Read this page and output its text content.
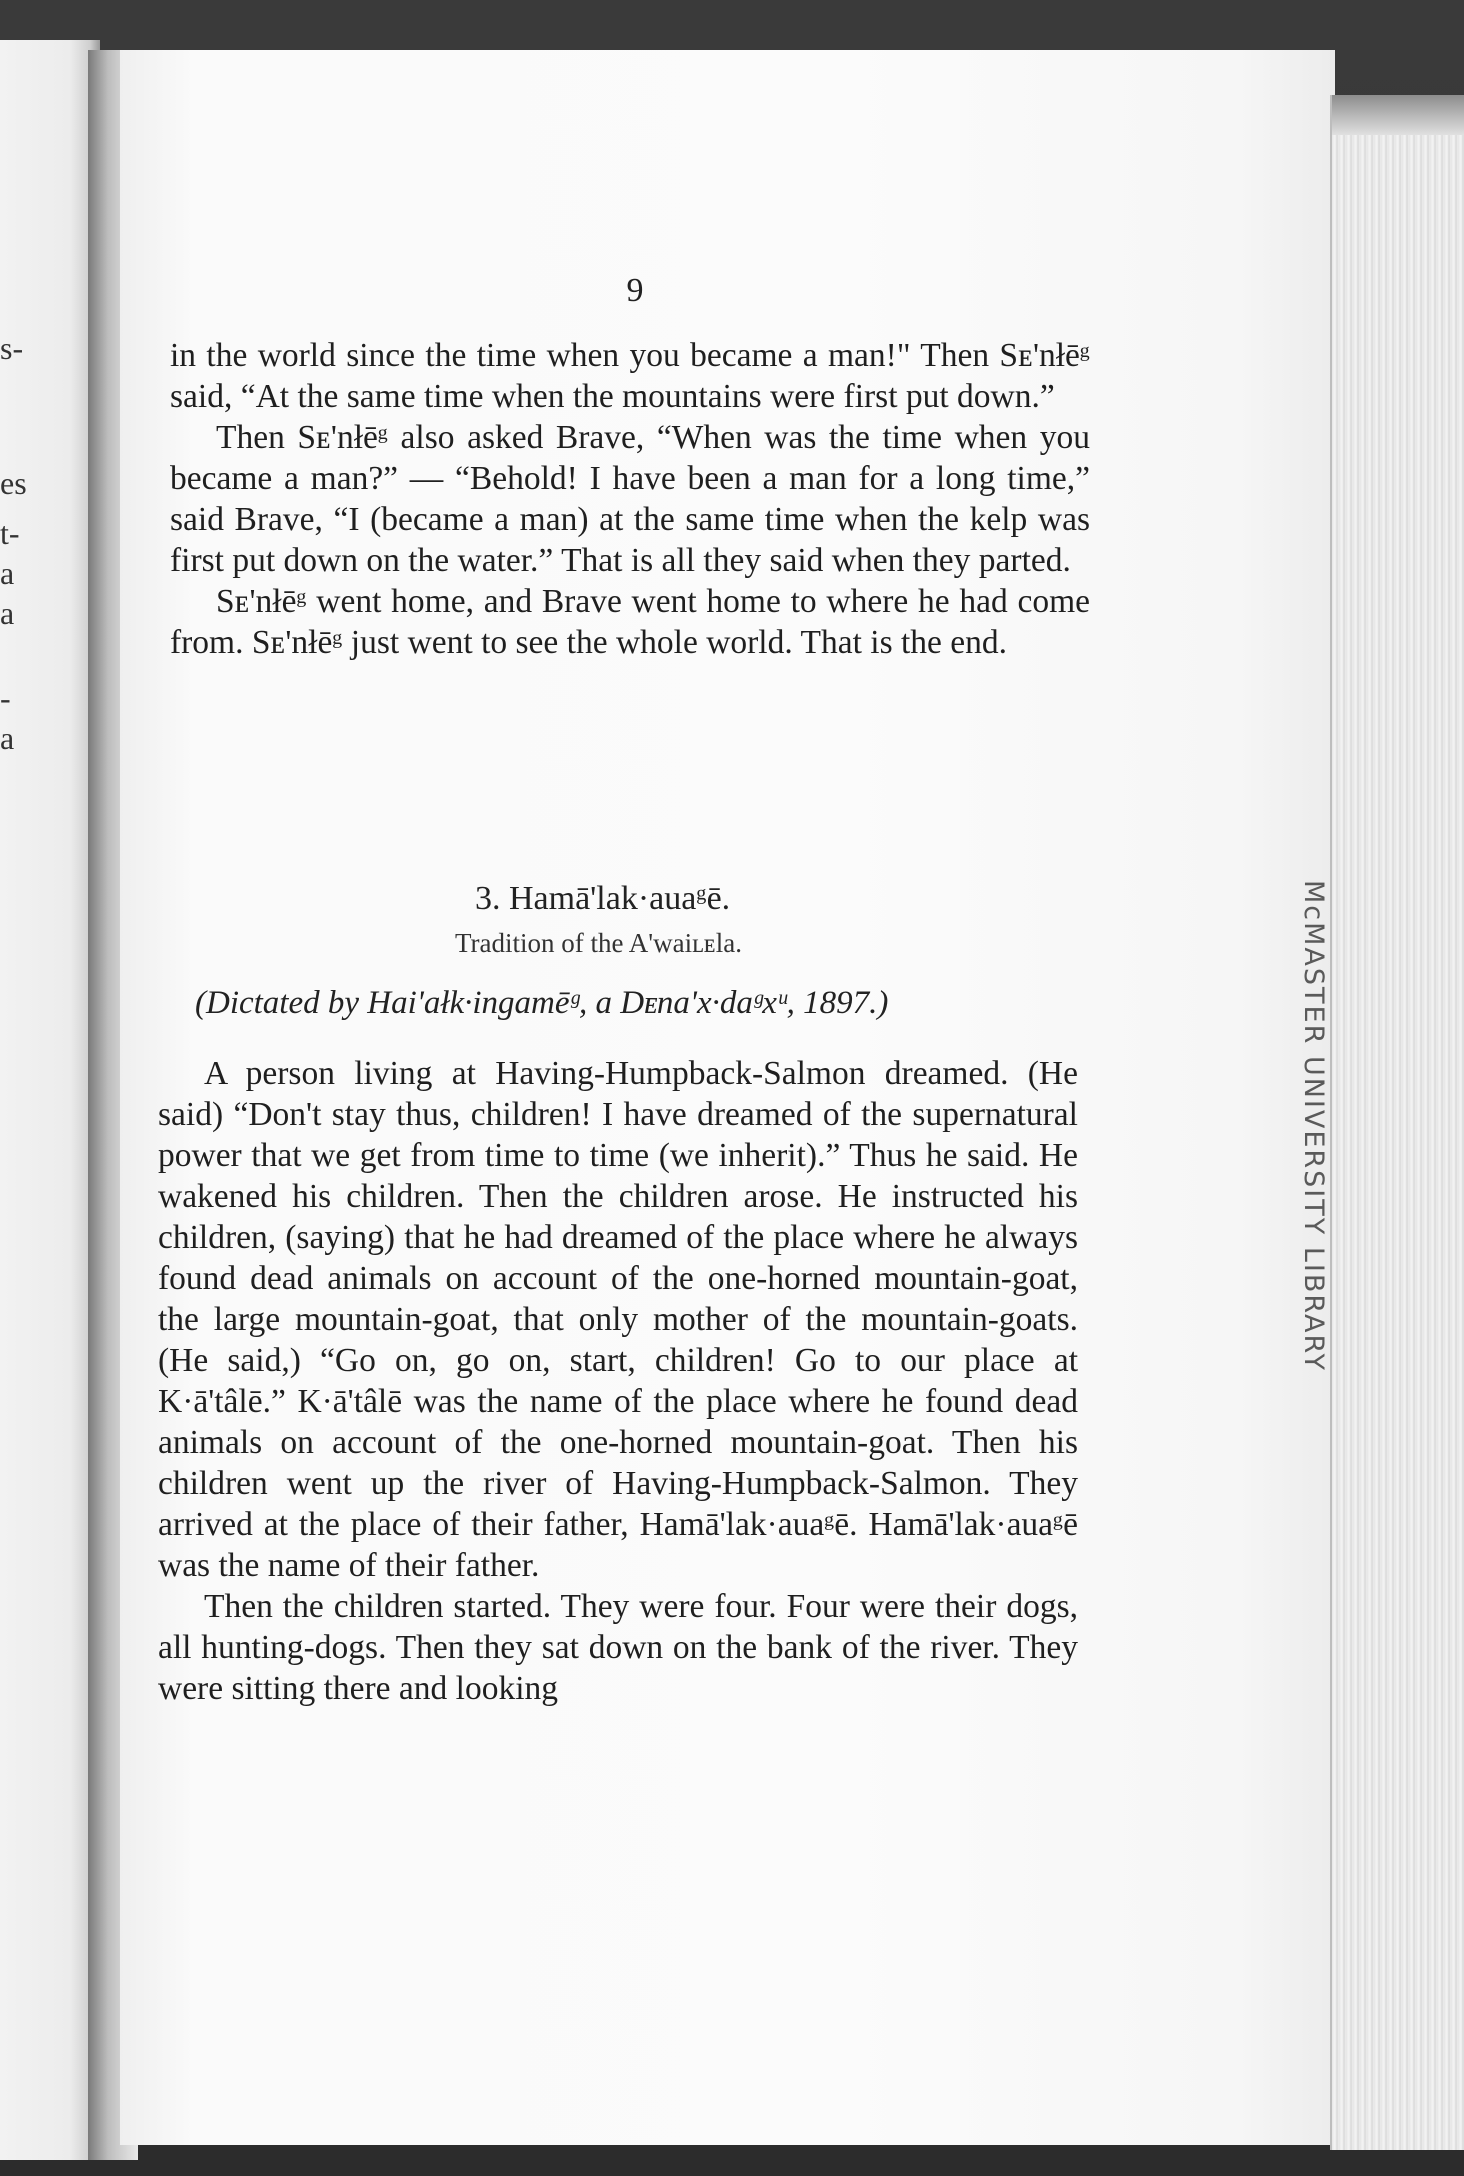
s-
es
t-
a
a
-
a
McMASTER UNIVERSITY LIBRARY
9

in the world since the time when you became a man!" Then Sᴇ'nłēᵍ said, “At the same time when the mountains were first put down.”

Then Sᴇ'nłēᵍ also asked Brave, “When was the time when you became a man?” — “Behold! I have been a man for a long time,” said Brave, “I (became a man) at the same time when the kelp was first put down on the water.” That is all they said when they parted.

Sᴇ'nłēᵍ went home, and Brave went home to where he had come from. Sᴇ'nłēᵍ just went to see the whole world. That is the end.

3. Hamā'lak·auaᵍē.
Tradition of the A'waiʟᴇla.
(Dictated by Hai'ałk·ingamēᵍ, a Dᴇna'x·daᵍxᵘ, 1897.)

A person living at Having-Humpback-Salmon dreamed. (He said) “Don't stay thus, children! I have dreamed of the supernatural power that we get from time to time (we inherit).” Thus he said. He wakened his children. Then the children arose. He instructed his children, (saying) that he had dreamed of the place where he always found dead animals on account of the one-horned mountain-goat, the large mountain-goat, that only mother of the mountain-goats. (He said,) “Go on, go on, start, children! Go to our place at K·ā'tâlē.” K·ā'tâlē was the name of the place where he found dead animals on account of the one-horned mountain-goat. Then his children went up the river of Having-Humpback-Salmon. They arrived at the place of their father, Hamā'lak·auaᵍē. Hamā'lak·auaᵍē was the name of their father.

Then the children started. They were four. Four were their dogs, all hunting-dogs. Then they sat down on the bank of the river. They were sitting there and looking
